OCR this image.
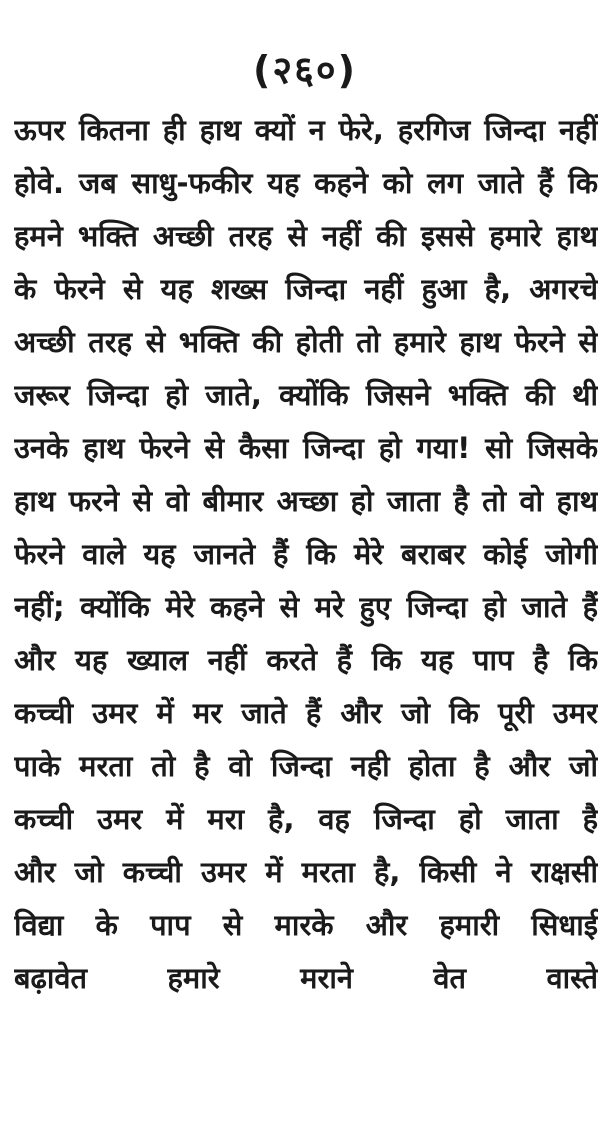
(२६०)
ऊपर कितना ही हाथ क्यों न फेरे, हरगिज जिन्दा नहीं
होवे. जब साधु-फकीर यह कहने को लग जाते हैं कि
हमने भक्ति अच्छी तरह से नहीं की इससे हमारे हाथ
के फेरने से यह शख्स जिन्दा नहीं हुआ है, अगरचे
अच्छी तरह से भक्ति की होती तो हमारे हाथ फेरने से
जरूर जिन्दा हो जाते, क्योंकि जिसने भक्ति की थी
उनके हाथ फेरने से कैसा जिन्दा हो गया! सो जिसके
हाथ फरने से वो बीमार अच्छा हो जाता है तो वो हाथ
फेरने वाले यह जानते हैं कि मेरे बराबर कोई जोगी
नहीं; क्योंकि मेरे कहने से मरे हुए जिन्दा हो जाते हैं
और यह ख्याल नहीं करते हैं कि यह पाप है कि
कच्ची उमर में मर जाते हैं और जो कि पूरी उमर
पाके मरता तो है वो जिन्दा नही होता है और जो
कच्ची उमर में मरा है, वह जिन्दा हो जाता है
और जो कच्ची उमर में मरता है, किसी ने राक्षसी
विद्या के पाप से मारके और हमारी सिधाई
बढ़ावेत हमारे मराने वेत वास्ते
